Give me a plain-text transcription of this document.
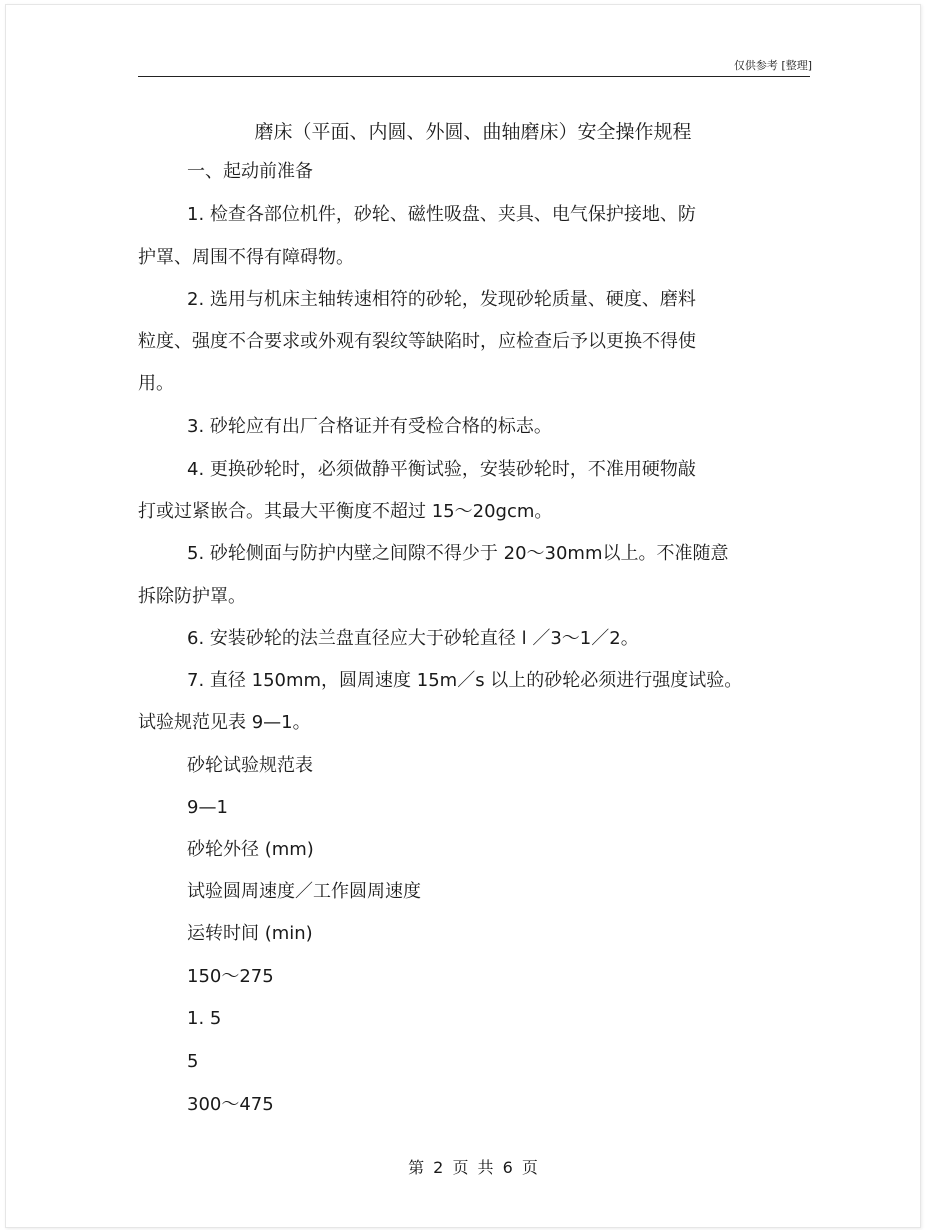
仅供参考 [整理]
磨床（平面、内圆、外圆、曲轴磨床）安全操作规程
一、起动前准备
1. 检查各部位机件，砂轮、磁性吸盘、夹具、电气保护接地、防
护罩、周围不得有障碍物。
2. 选用与机床主轴转速相符的砂轮，发现砂轮质量、硬度、磨料
粒度、强度不合要求或外观有裂纹等缺陷时，应检查后予以更换不得使
用。
3. 砂轮应有出厂合格证并有受检合格的标志。
4. 更换砂轮时，必须做静平衡试验，安装砂轮时，不准用硬物敲
打或过紧嵌合。其最大平衡度不超过 15～20gcm。
5. 砂轮侧面与防护内壁之间隙不得少于 20～30mm以上。不准随意
拆除防护罩。
6. 安装砂轮的法兰盘直径应大于砂轮直径 l ／3～1／2。
7. 直径 150mm，圆周速度 15m／s 以上的砂轮必须进行强度试验。
试验规范见表 9—1。
砂轮试验规范表
9—1
砂轮外径 (mm)
试验圆周速度／工作圆周速度
运转时间 (min)
150～275
1. 5
5
300～475
第 2 页 共 6 页
